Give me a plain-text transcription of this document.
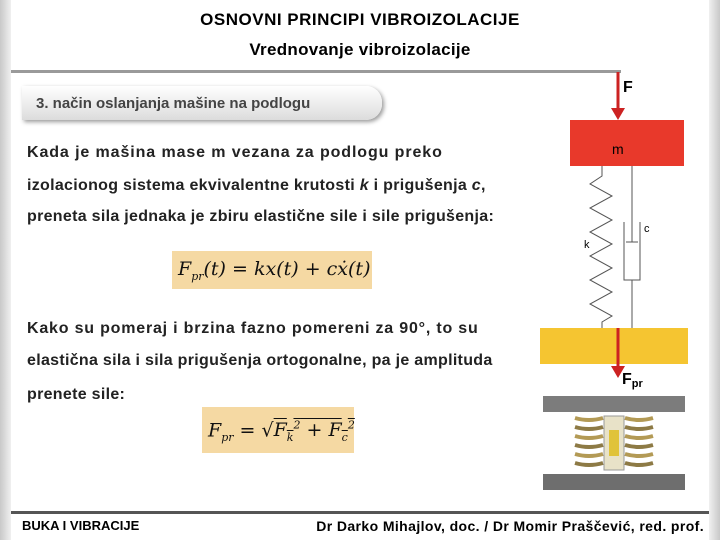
OSNOVNI PRINCIPI VIBROIZOLACIJE
Vrednovanje vibroizolacije
3. način oslanjanja mašine na podlogu
Kada je mašina mase m vezana za podlogu preko
izolacionog sistema ekvivalentne krutosti k i prigušenja c,
preneta sila jednaka je zbiru elastične sile i sile prigušenja:
$F_{pr}(t) = kx(t)$ + cẋ(t)
Kako su pomeraj i brzina fazno pomereni za 90°, to su
elastična sila i sila prigušenja ortogonalne, pa je amplituda
prenete sile:
$F_{pr} = √F_k^2 + F_c^2$
F
m
k
c
Fpr
BUKA I VIBRACIJE	Dr Darko Mihajlov, doc. / Dr Momir Praščević, red. prof.
